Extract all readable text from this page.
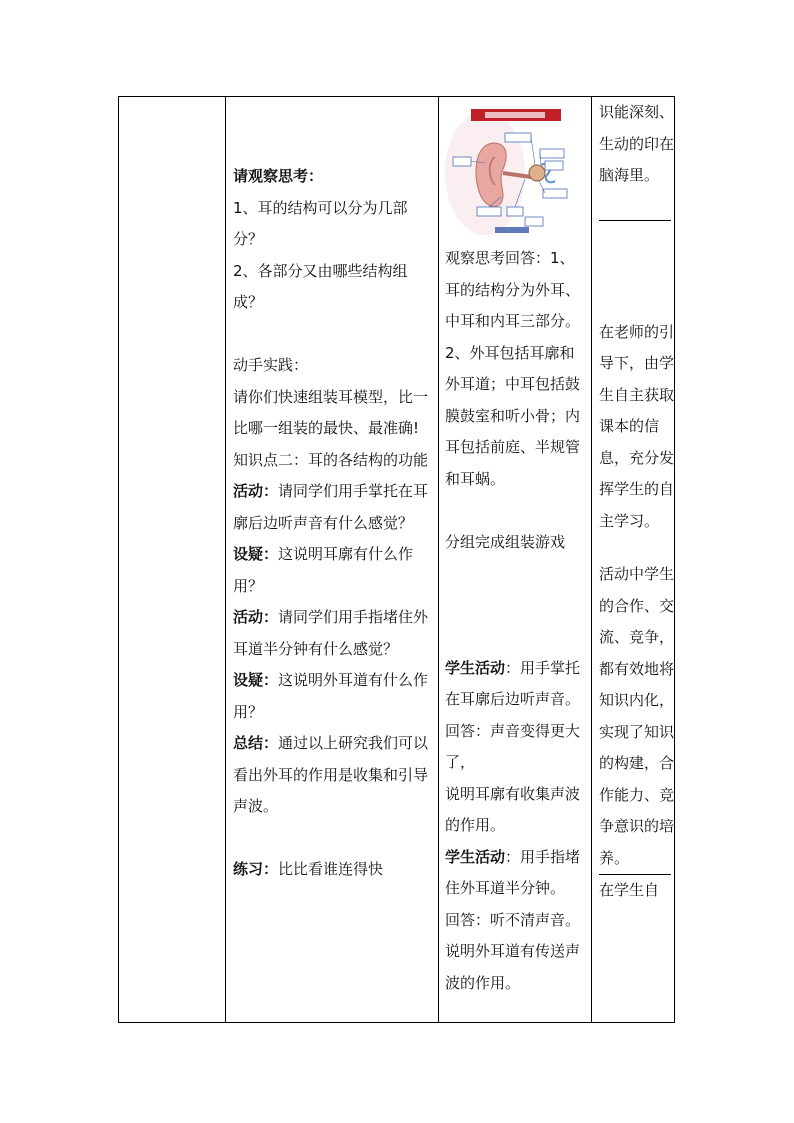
请观察思考：

1、耳的结构可以分为几部分？

2、各部分又由哪些结构组成？

动手实践：

请你们快速组装耳模型，比一比哪一组装的最快、最准确!

知识点二：耳的各结构的功能

活动：请同学们用手掌托在耳廓后边听声音有什么感觉？

设疑：这说明耳廓有什么作用？

活动：请同学们用手指堵住外耳道半分钟有什么感觉？

设疑：这说明外耳道有什么作用？

总结：通过以上研究我们可以看出外耳的作用是收集和引导声波。

练习：比比看谁连得快

观察思考回答：1、耳的结构分为外耳、中耳和内耳三部分。

2、外耳包括耳廓和外耳道；中耳包括鼓膜鼓室和听小骨；内耳包括前庭、半规管和耳蜗。

分组完成组装游戏

学生活动：用手掌托在耳廓后边听声音。

回答：声音变得更大了，

说明耳廓有收集声波的作用。

学生活动：用手指堵住外耳道半分钟。

回答：听不清声音。

说明外耳道有传送声波的作用。

识能深刻、生动的印在脑海里。

在老师的引导下，由学生自主获取课本的信息，充分发挥学生的自主学习。

活动中学生的合作、交流、竞争，都有效地将知识内化，实现了知识的构建，合作能力、竞争意识的培养。

在学生自
